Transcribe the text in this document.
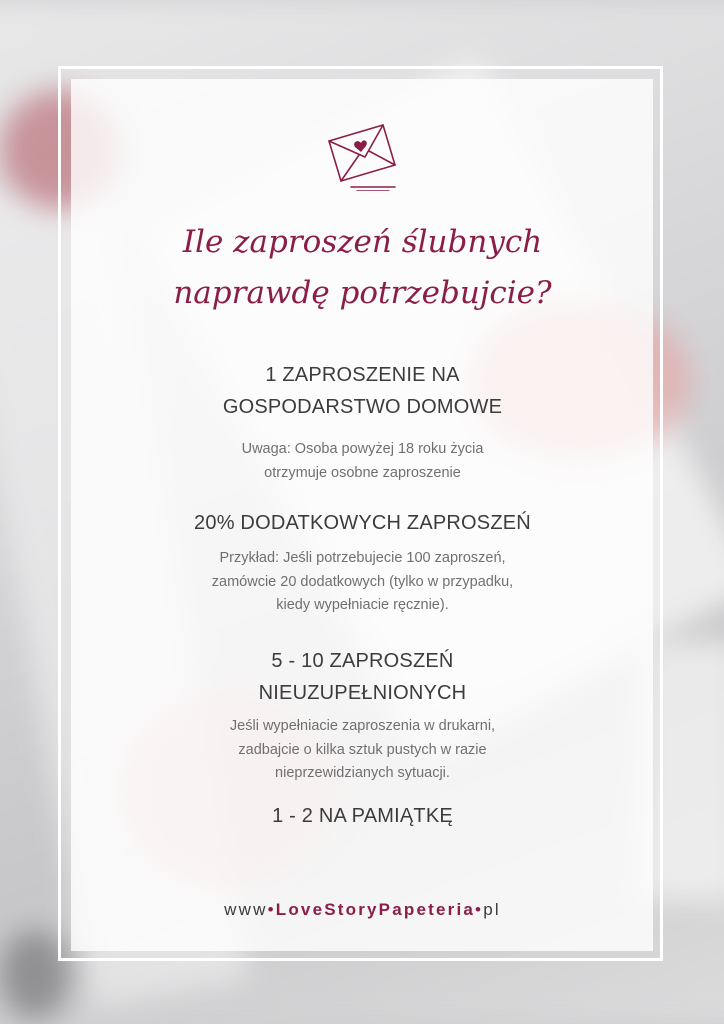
Ile zaproszeń ślubnych
naprawdę potrzebujcie?
1 ZAPROSZENIE NA
GOSPODARSTWO DOMOWE
Uwaga: Osoba powyżej 18 roku życia
otrzymuje osobne zaproszenie
20% DODATKOWYCH ZAPROSZEŃ
Przykład: Jeśli potrzebujecie 100 zaproszeń,
zamówcie 20 dodatkowych (tylko w przypadku,
kiedy wypełniacie ręcznie).
5 - 10 ZAPROSZEŃ
NIEUZUPEŁNIONYCH
Jeśli wypełniacie zaproszenia w drukarni,
zadbajcie o kilka sztuk pustych w razie
nieprzewidzianych sytuacji.
1 - 2 NA PAMIĄTKĘ
www•LoveStoryPapeteria•pl
